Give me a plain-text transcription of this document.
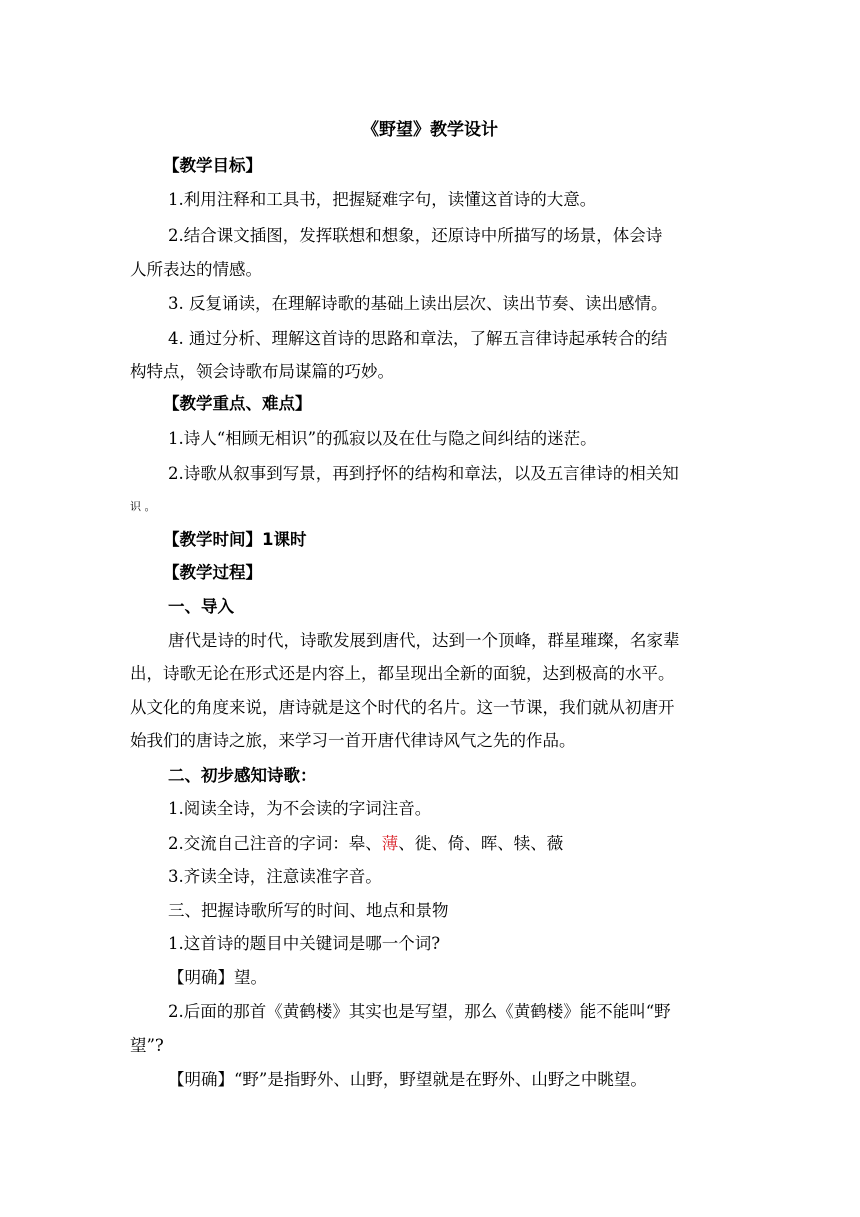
《野望》教学设计
【教学目标】
1.利用注释和工具书，把握疑难字句，读懂这首诗的大意。
2.结合课文插图，发挥联想和想象，还原诗中所描写的场景，体会诗
人所表达的情感。
3. 反复诵读，在理解诗歌的基础上读出层次、读出节奏、读出感情。
4. 通过分析、理解这首诗的思路和章法，了解五言律诗起承转合的结
构特点，领会诗歌布局谋篇的巧妙。
【教学重点、难点】
1.诗人“相顾无相识”的孤寂以及在仕与隐之间纠结的迷茫。
2.诗歌从叙事到写景，再到抒怀的结构和章法，以及五言律诗的相关知
识 。
【教学时间】1课时
【教学过程】
一、导入
唐代是诗的时代，诗歌发展到唐代，达到一个顶峰，群星璀璨，名家辈
出，诗歌无论在形式还是内容上，都呈现出全新的面貌，达到极高的水平。
从文化的角度来说，唐诗就是这个时代的名片。这一节课，我们就从初唐开
始我们的唐诗之旅，来学习一首开唐代律诗风气之先的作品。
二、初步感知诗歌：
1.阅读全诗，为不会读的字词注音。
2.交流自己注音的字词：皋、薄、徙、倚、晖、犊、薇
3.齐读全诗，注意读准字音。
三、把握诗歌所写的时间、地点和景物
1.这首诗的题目中关键词是哪一个词?
【明确】望。
2.后面的那首《黄鹤楼》其实也是写望，那么《黄鹤楼》能不能叫“野
望”?
【明确】“野”是指野外、山野，野望就是在野外、山野之中眺望。
